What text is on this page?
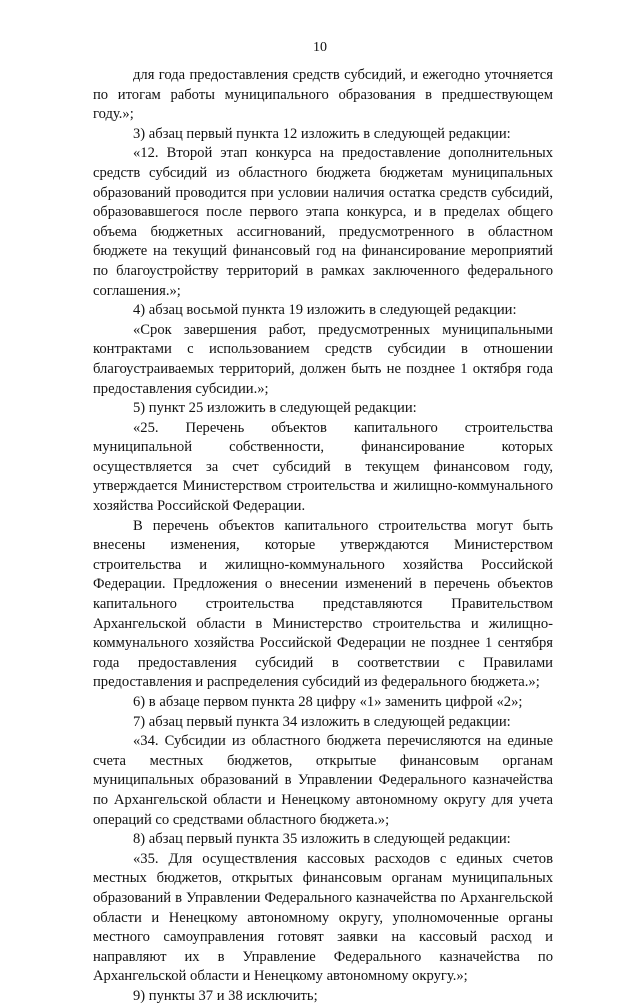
10

для года предоставления средств субсидий, и ежегодно уточняется по итогам работы муниципального образования в предшествующем году.»;

3) абзац первый пункта 12 изложить в следующей редакции:

«12. Второй этап конкурса на предоставление дополнительных средств субсидий из областного бюджета бюджетам муниципальных образований проводится при условии наличия остатка средств субсидий, образовавшегося после первого этапа конкурса, и в пределах общего объема бюджетных ассигнований, предусмотренного в областном бюджете на текущий финансовый год на финансирование мероприятий по благоустройству территорий в рамках заключенного федерального соглашения.»;

4) абзац восьмой пункта 19 изложить в следующей редакции:

«Срок завершения работ, предусмотренных муниципальными контрактами с использованием средств субсидии в отношении благоустраиваемых территорий, должен быть не позднее 1 октября года предоставления субсидии.»;

5) пункт 25 изложить в следующей редакции:

«25. Перечень объектов капитального строительства муниципальной собственности, финансирование которых осуществляется за счет субсидий в текущем финансовом году, утверждается Министерством строительства и жилищно-коммунального хозяйства Российской Федерации.

В перечень объектов капитального строительства могут быть внесены изменения, которые утверждаются Министерством строительства и жилищно-коммунального хозяйства Российской Федерации. Предложения о внесении изменений в перечень объектов капитального строительства представляются Правительством Архангельской области в Министерство строительства и жилищно-коммунального хозяйства Российской Федерации не позднее 1 сентября года предоставления субсидий в соответствии с Правилами предоставления и распределения субсидий из федерального бюджета.»;

6) в абзаце первом пункта 28 цифру «1» заменить цифрой «2»;

7) абзац первый пункта 34 изложить в следующей редакции:

«34. Субсидии из областного бюджета перечисляются на единые счета местных бюджетов, открытые финансовым органам муниципальных образований в Управлении Федерального казначейства по Архангельской области и Ненецкому автономному округу для учета операций со средствами областного бюджета.»;

8) абзац первый пункта 35 изложить в следующей редакции:

«35. Для осуществления кассовых расходов с единых счетов местных бюджетов, открытых финансовым органам муниципальных образований в Управлении Федерального казначейства по Архангельской области и Ненецкому автономному округу, уполномоченные органы местного самоуправления готовят заявки на кассовый расход и направляют их в Управление Федерального казначейства по Архангельской области и Ненецкому автономному округу.»;

9) пункты 37 и 38 исключить;
